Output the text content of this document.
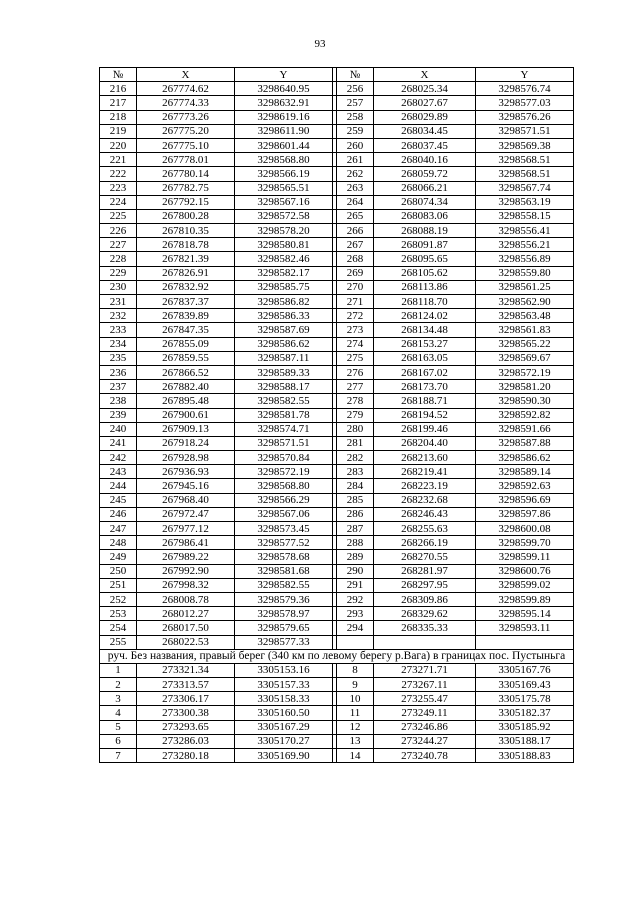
93
№	X	Y		№	X	Y
216	267774.62	3298640.95		256	268025.34	3298576.74
217	267774.33	3298632.91		257	268027.67	3298577.03
218	267773.26	3298619.16		258	268029.89	3298576.26
219	267775.20	3298611.90		259	268034.45	3298571.51
220	267775.10	3298601.44		260	268037.45	3298569.38
221	267778.01	3298568.80		261	268040.16	3298568.51
222	267780.14	3298566.19		262	268059.72	3298568.51
223	267782.75	3298565.51		263	268066.21	3298567.74
224	267792.15	3298567.16		264	268074.34	3298563.19
225	267800.28	3298572.58		265	268083.06	3298558.15
226	267810.35	3298578.20		266	268088.19	3298556.41
227	267818.78	3298580.81		267	268091.87	3298556.21
228	267821.39	3298582.46		268	268095.65	3298556.89
229	267826.91	3298582.17		269	268105.62	3298559.80
230	267832.92	3298585.75		270	268113.86	3298561.25
231	267837.37	3298586.82		271	268118.70	3298562.90
232	267839.89	3298586.33		272	268124.02	3298563.48
233	267847.35	3298587.69		273	268134.48	3298561.83
234	267855.09	3298586.62		274	268153.27	3298565.22
235	267859.55	3298587.11		275	268163.05	3298569.67
236	267866.52	3298589.33		276	268167.02	3298572.19
237	267882.40	3298588.17		277	268173.70	3298581.20
238	267895.48	3298582.55		278	268188.71	3298590.30
239	267900.61	3298581.78		279	268194.52	3298592.82
240	267909.13	3298574.71		280	268199.46	3298591.66
241	267918.24	3298571.51		281	268204.40	3298587.88
242	267928.98	3298570.84		282	268213.60	3298586.62
243	267936.93	3298572.19		283	268219.41	3298589.14
244	267945.16	3298568.80		284	268223.19	3298592.63
245	267968.40	3298566.29		285	268232.68	3298596.69
246	267972.47	3298567.06		286	268246.43	3298597.86
247	267977.12	3298573.45		287	268255.63	3298600.08
248	267986.41	3298577.52		288	268266.19	3298599.70
249	267989.22	3298578.68		289	268270.55	3298599.11
250	267992.90	3298581.68		290	268281.97	3298600.76
251	267998.32	3298582.55		291	268297.95	3298599.02
252	268008.78	3298579.36		292	268309.86	3298599.89
253	268012.27	3298578.97		293	268329.62	3298595.14
254	268017.50	3298579.65		294	268335.33	3298593.11
255	268022.53	3298577.33				
руч. Без названия, правый берег (340 км по левому берегу р.Вага) в границах пос. Пустыньга						
1	273321.34	3305153.16		8	273271.71	3305167.76
2	273313.57	3305157.33		9	273267.11	3305169.43
3	273306.17	3305158.33		10	273255.47	3305175.78
4	273300.38	3305160.50		11	273249.11	3305182.37
5	273293.65	3305167.29		12	273246.86	3305185.92
6	273286.03	3305170.27		13	273244.27	3305188.17
7	273280.18	3305169.90		14	273240.78	3305188.83
